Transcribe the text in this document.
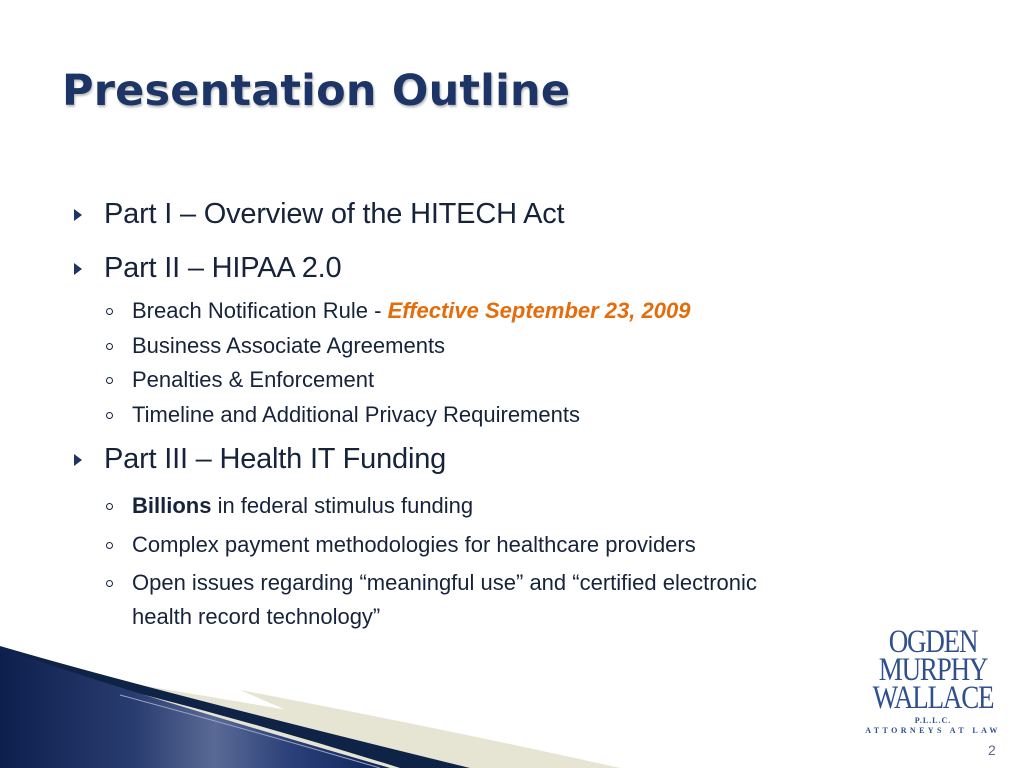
Presentation Outline
Part I – Overview of the HITECH Act
Part II – HIPAA 2.0
Breach Notification Rule - Effective September 23, 2009
Business Associate Agreements
Penalties & Enforcement
Timeline and Additional Privacy Requirements
Part III – Health IT Funding
Billions in federal stimulus funding
Complex payment methodologies for healthcare providers
Open issues regarding “meaningful use” and “certified electronic
health record technology”
OGDEN
MURPHY
WALLACE
P.L.L.C.
ATTORNEYS AT LAW
2
